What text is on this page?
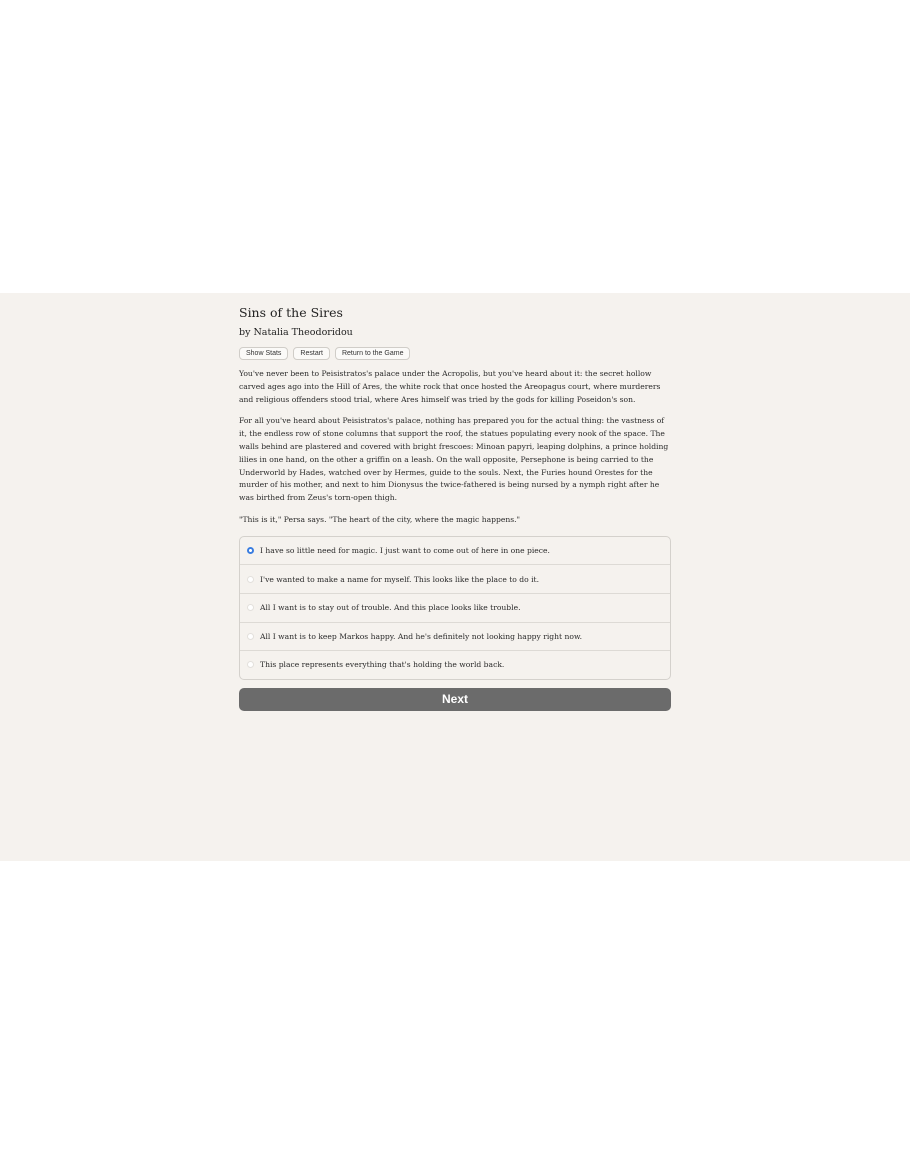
Sins of the Sires

by Natalia Theodoridou

Show Stats	Restart	Return to the Game

You've never been to Peisistratos's palace under the Acropolis, but you've heard about it: the secret hollow carved ages ago into the Hill of Ares, the white rock that once hosted the Areopagus court, where murderers and religious offenders stood trial, where Ares himself was tried by the gods for killing Poseidon's son.

For all you've heard about Peisistratos's palace, nothing has prepared you for the actual thing: the vastness of it, the endless row of stone columns that support the roof, the statues populating every nook of the space. The walls behind are plastered and covered with bright frescoes: Minoan papyri, leaping dolphins, a prince holding lilies in one hand, on the other a griffin on a leash. On the wall opposite, Persephone is being carried to the Underworld by Hades, watched over by Hermes, guide to the souls. Next, the Furies hound Orestes for the murder of his mother, and next to him Dionysus the twice-fathered is being nursed by a nymph right after he was birthed from Zeus's torn-open thigh.

"This is it," Persa says. "The heart of the city, where the magic happens."

I have so little need for magic. I just want to come out of here in one piece.
I've wanted to make a name for myself. This looks like the place to do it.
All I want is to stay out of trouble. And this place looks like trouble.
All I want is to keep Markos happy. And he's definitely not looking happy right now.
This place represents everything that's holding the world back.
Next
